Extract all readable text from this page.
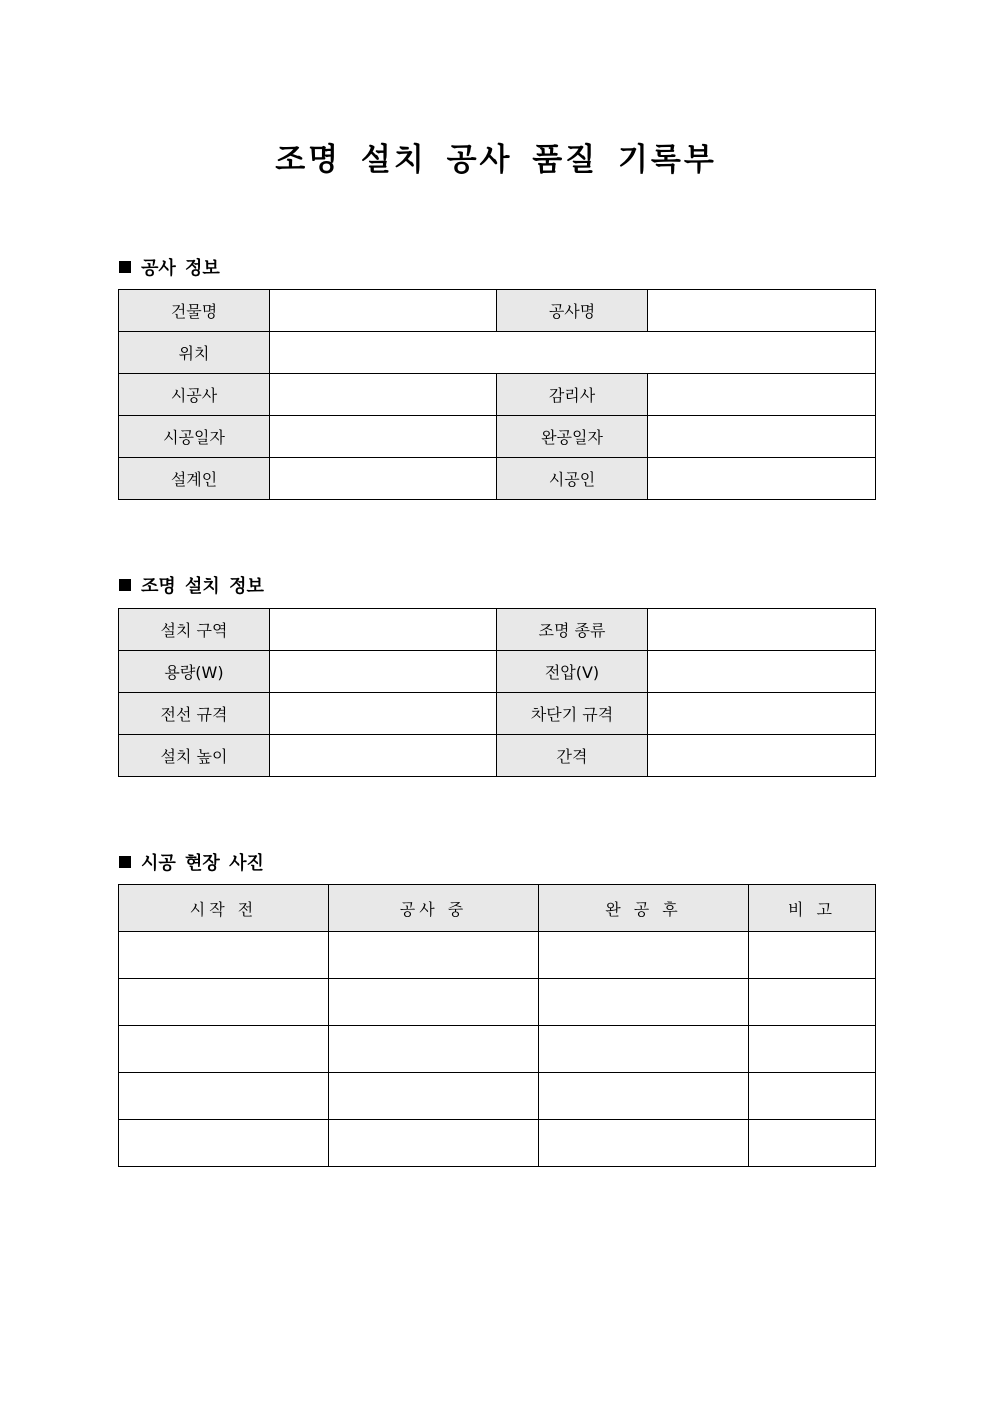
조명 설치 공사 품질 기록부
공사 정보
건물명		공사명	
위치			
시공사		감리사	
시공일자		완공일자	
설계인		시공인	
조명 설치 정보
설치 구역		조명 종류	
용량(W)		전압(V)	
전선 규격		차단기 규격	
설치 높이		간격	
시공 현장 사진
시작 전	공사 중	완 공 후	비 고
